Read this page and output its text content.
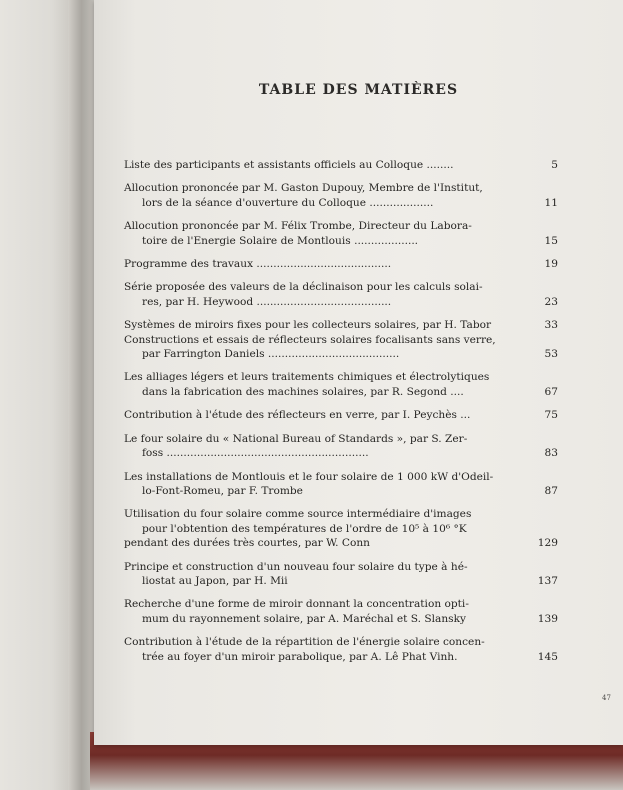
TABLE DES MATIÈRES
Liste des participants et assistants officiels au Colloque ........	5
Allocution prononcée par M. Gaston Dupouy, Membre de l'Institut,
lors de la séance d'ouverture du Colloque ...................	11
Allocution prononcée par M. Félix Trombe, Directeur du Labora-
toire de l'Energie Solaire de Montlouis ...................	15
Programme des travaux ........................................	19
Série proposée des valeurs de la déclinaison pour les calculs solai-
res, par H. Heywood ........................................	23
Systèmes de miroirs fixes pour les collecteurs solaires, par H. Tabor	33
Constructions et essais de réflecteurs solaires focalisants sans verre,
par Farrington Daniels .......................................	53
Les alliages légers et leurs traitements chimiques et électrolytiques
dans la fabrication des machines solaires, par R. Segond ....	67
Contribution à l'étude des réflecteurs en verre, par I. Peychès ...	75
Le four solaire du « National Bureau of Standards », par S. Zer-
foss ............................................................	83
Les installations de Montlouis et le four solaire de 1 000 kW d'Odeil-
lo-Font-Romeu, par F. Trombe	87
Utilisation du four solaire comme source intermédiaire d'images
pour l'obtention des températures de l'ordre de 10⁵ à 10⁶ °K
pendant des durées très courtes, par W. Conn	129
Principe et construction d'un nouveau four solaire du type à hé-
liostat au Japon, par H. Mii	137
Recherche d'une forme de miroir donnant la concentration opti-
mum du rayonnement solaire, par A. Maréchal et S. Slansky	139
Contribution à l'étude de la répartition de l'énergie solaire concen-
trée au foyer d'un miroir parabolique, par A. Lê Phat Vinh.	145
47
